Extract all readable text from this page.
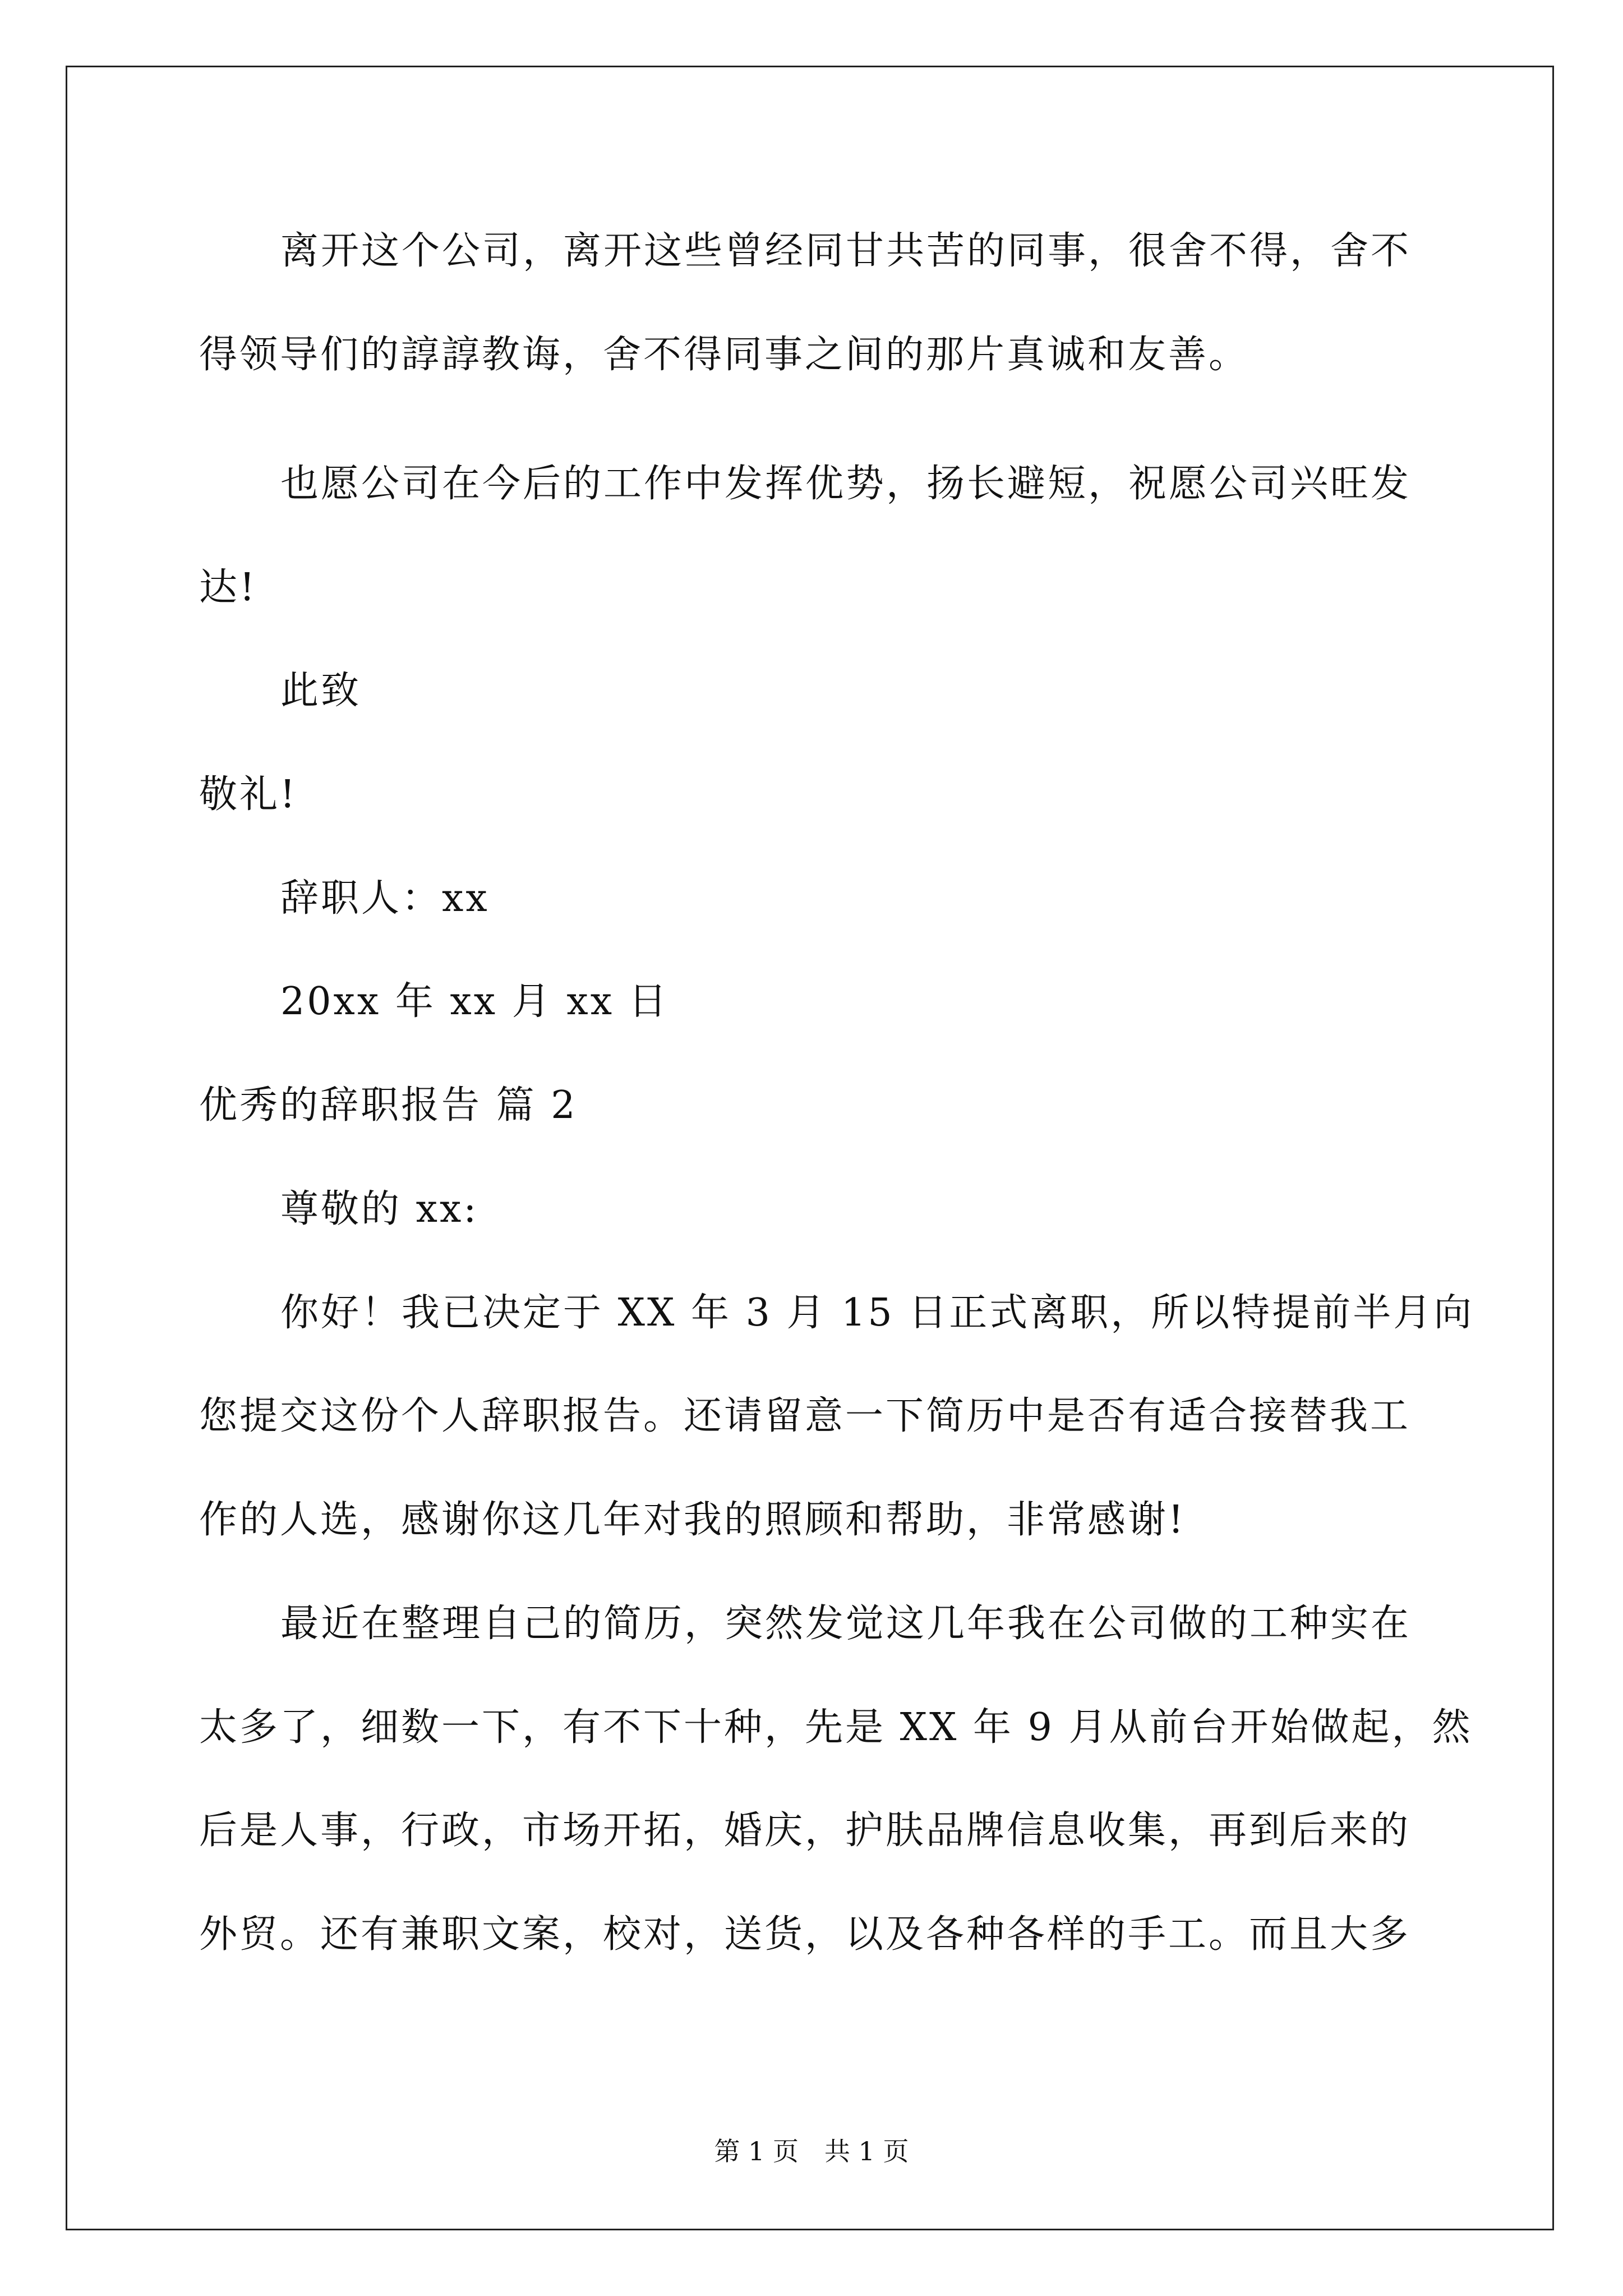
离开这个公司，离开这些曾经同甘共苦的同事，很舍不得，舍不
得领导们的諄諄教诲，舍不得同事之间的那片真诚和友善。
也愿公司在今后的工作中发挥优势，扬长避短，祝愿公司兴旺发
达!
此致
敬礼!
辞职人：xx
20xx 年 xx 月 xx 日
优秀的辞职报告 篇 2
尊敬的 xx:
你好！我已决定于 XX 年 3 月 15 日正式离职，所以特提前半月向
您提交这份个人辞职报告。还请留意一下简历中是否有适合接替我工
作的人选，感谢你这几年对我的照顾和帮助，非常感谢!
最近在整理自己的简历，突然发觉这几年我在公司做的工种实在
太多了，细数一下，有不下十种，先是 XX 年 9 月从前台开始做起，然
后是人事，行政，市场开拓，婚庆，护肤品牌信息收集，再到后来的
外贸。还有兼职文案，校对，送货，以及各种各样的手工。而且大多
第 1 页　共 1 页
